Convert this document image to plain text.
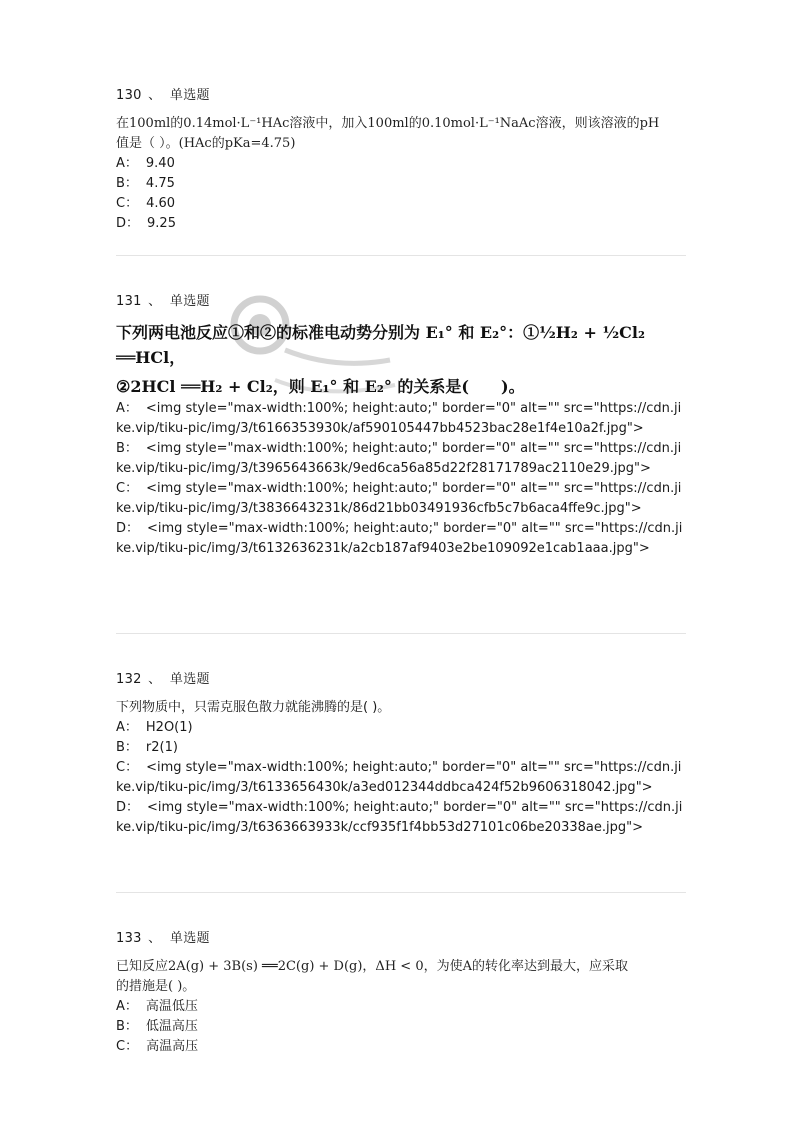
130 、 单选题
在100ml的0.14mol·L⁻¹HAc溶液中，加入100ml的0.10mol·L⁻¹NaAc溶液，则该溶液的pH
值是（ ）。(HAc的pKa=4.75)
A： 9.40
B： 4.75
C： 4.60
D： 9.25
131 、 单选题
下列两电池反应①和②的标准电动势分别为 E₁° 和 E₂°：①½H₂ + ½Cl₂ ══HCl，
②2HCl ══H₂ + Cl₂，则 E₁° 和 E₂° 的关系是(　　)。
A： <img style="max-width:100%; height:auto;" border="0" alt="" src="https://cdn.jike.vip/tiku-pic/img/3/t6166353930k/af590105447bb4523bac28e1f4e10a2f.jpg">
B： <img style="max-width:100%; height:auto;" border="0" alt="" src="https://cdn.jike.vip/tiku-pic/img/3/t3965643663k/9ed6ca56a85d22f28171789ac2110e29.jpg">
C： <img style="max-width:100%; height:auto;" border="0" alt="" src="https://cdn.jike.vip/tiku-pic/img/3/t3836643231k/86d21bb03491936cfb5c7b6aca4ffe9c.jpg">
D： <img style="max-width:100%; height:auto;" border="0" alt="" src="https://cdn.jike.vip/tiku-pic/img/3/t6132636231k/a2cb187af9403e2be109092e1cab1aaa.jpg">
132 、 单选题
下列物质中，只需克服色散力就能沸腾的是( )。
A： H2O(1)
B： r2(1)
C： <img style="max-width:100%; height:auto;" border="0" alt="" src="https://cdn.jike.vip/tiku-pic/img/3/t6133656430k/a3ed012344ddbca424f52b9606318042.jpg">
D： <img style="max-width:100%; height:auto;" border="0" alt="" src="https://cdn.jike.vip/tiku-pic/img/3/t6363663933k/ccf935f1f4bb53d27101c06be20338ae.jpg">
133 、 单选题
已知反应2A(g) + 3B(s) ══2C(g) + D(g)，ΔH < 0，为使A的转化率达到最大，应采取
的措施是( )。
A： 高温低压
B： 低温高压
C： 高温高压
